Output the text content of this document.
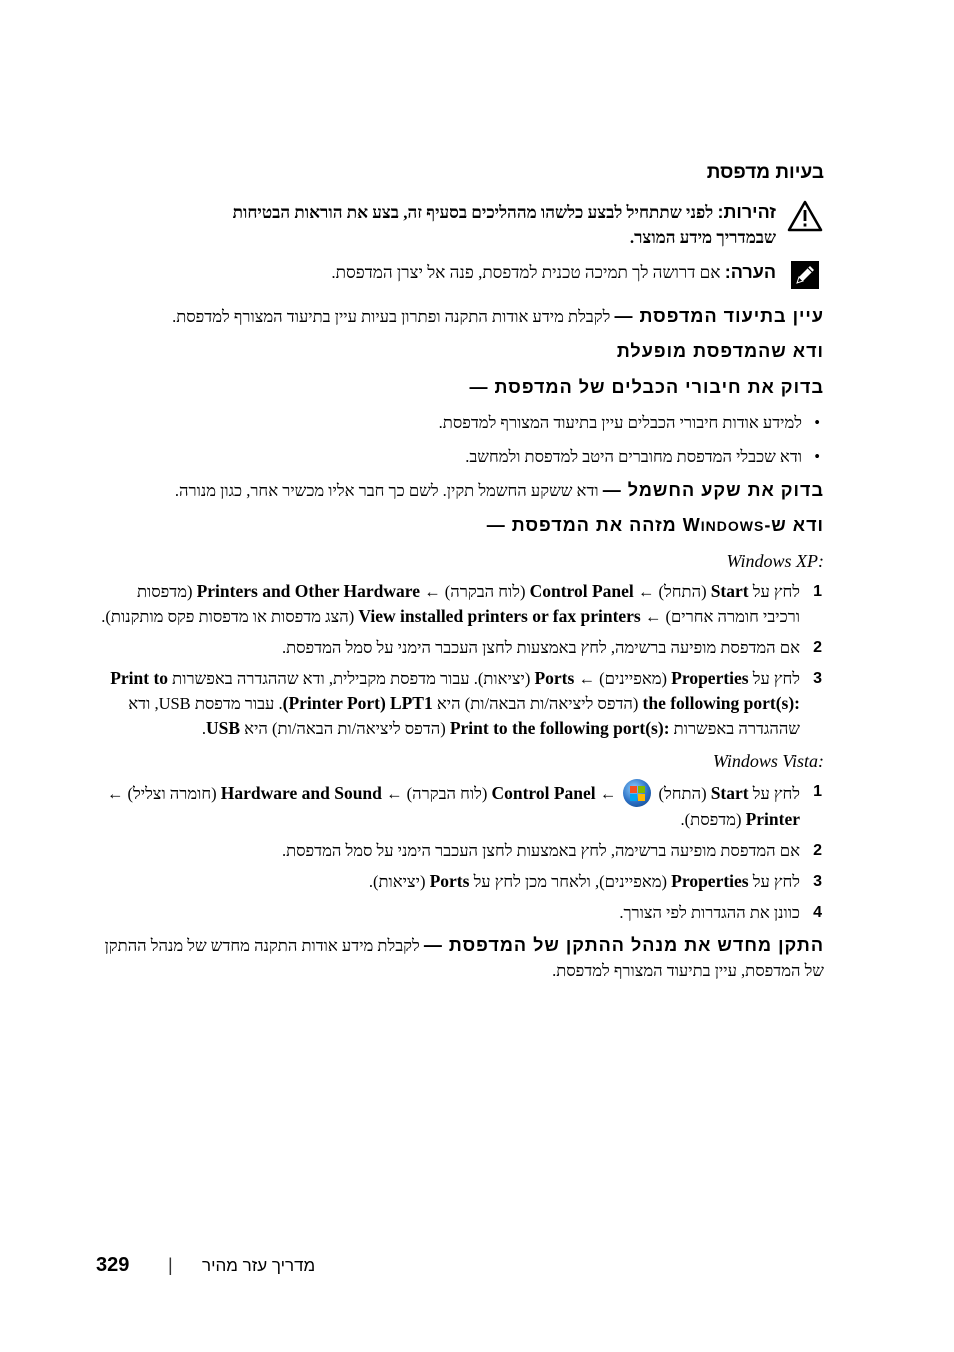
בעיות מדפסת
זהירות: לפני שתתחיל לבצע כלשהו מההליכים בסעיף זה, בצע את הוראות הבטיחות
שבמדריך מידע המוצר.
הערה: אם דרושה לך תמיכה טכנית למדפסת, פנה אל יצרן המדפסת.

עיין בתיעוד המדפסת — לקבלת מידע אודות התקנה ופתרון בעיות עיין בתיעוד המצורף למדפסת.

ודא שהמדפסת מופעלת
בדוק את חיבורי הכבלים של המדפסת —
• למידע אודות חיבורי הכבלים עיין בתיעוד המצורף למדפסת.
• ודא שכבלי המדפסת מחוברים היטב למדפסת ולמחשב.

בדוק את שקע החשמל — ודא ששקע החשמל תקין. לשם כך חבר אליו מכשיר אחר, כגון מנורה.

ודא ש-WINDOWS מזהה את המדפסת —
Windows XP:
1
לחץ על Start (התחל) ← Control Panel (לוח הבקרה) ← Printers and Other Hardware (מדפסות ורכיבי חומרה אחרים) ← View installed printers or fax printers (הצג מדפסות או מדפסות פקס מותקנות).
2
אם המדפסת מופיעה ברשימה, לחץ באמצעות לחצן העכבר הימני על סמל המדפסת.
3
לחץ על Properties (מאפיינים) ← Ports (יציאות). עבור מדפסת מקבילית, ודא שההגדרה באפשרות Print to the following port(s): (הדפס ליציאה/ות הבאה/ות) היא LPT1 (Printer Port). עבור מדפסת USB, ודא שההגדרה באפשרות Print to the following port(s): (הדפס ליציאה/ות הבאה/ות) היא USB.
Windows Vista:
1
לחץ על Start (התחל)
← Control Panel (לוח הבקרה) ← Hardware and Sound (חומרה וצליל) ← Printer (מדפסת).
2
אם המדפסת מופיעה ברשימה, לחץ באמצעות לחצן העכבר הימני על סמל המדפסת.
3
לחץ על Properties (מאפיינים), ולאחר מכן לחץ על Ports (יציאות).
4
כוונן את ההגדרות לפי הצורך.

התקן מחדש את מנהל ההתקן של המדפסת — לקבלת מידע אודות התקנה מחדש של מנהל ההתקן של המדפסת, עיין בתיעוד המצורף למדפסת.

329	|	מדריך עזר מהיר
